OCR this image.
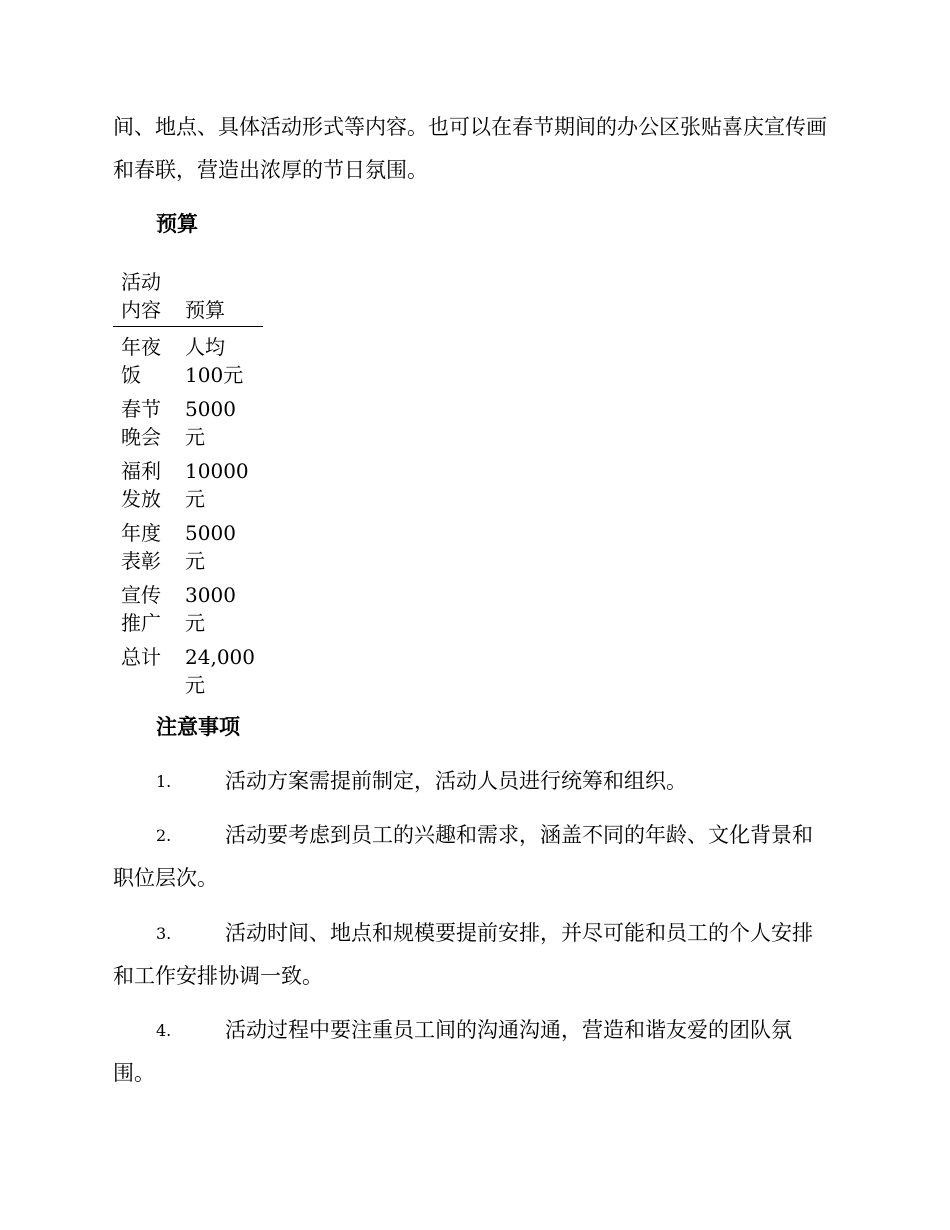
间、地点、具体活动形式等内容。也可以在春节期间的办公区张贴喜庆宣传画和春联，营造出浓厚的节日氛围。

预算
活动内容	预算
年夜饭	人均100元
春节晚会	5000元
福利发放	10000元
年度表彰	5000元
宣传推广	3000元
总计	24,000元
注意事项
1.	活动方案需提前制定，活动人员进行统筹和组织。

2.	活动要考虑到员工的兴趣和需求，涵盖不同的年龄、文化背景和职位层次。

3.	活动时间、地点和规模要提前安排，并尽可能和员工的个人安排和工作安排协调一致。

4.	活动过程中要注重员工间的沟通沟通，营造和谐友爱的团队氛围。
